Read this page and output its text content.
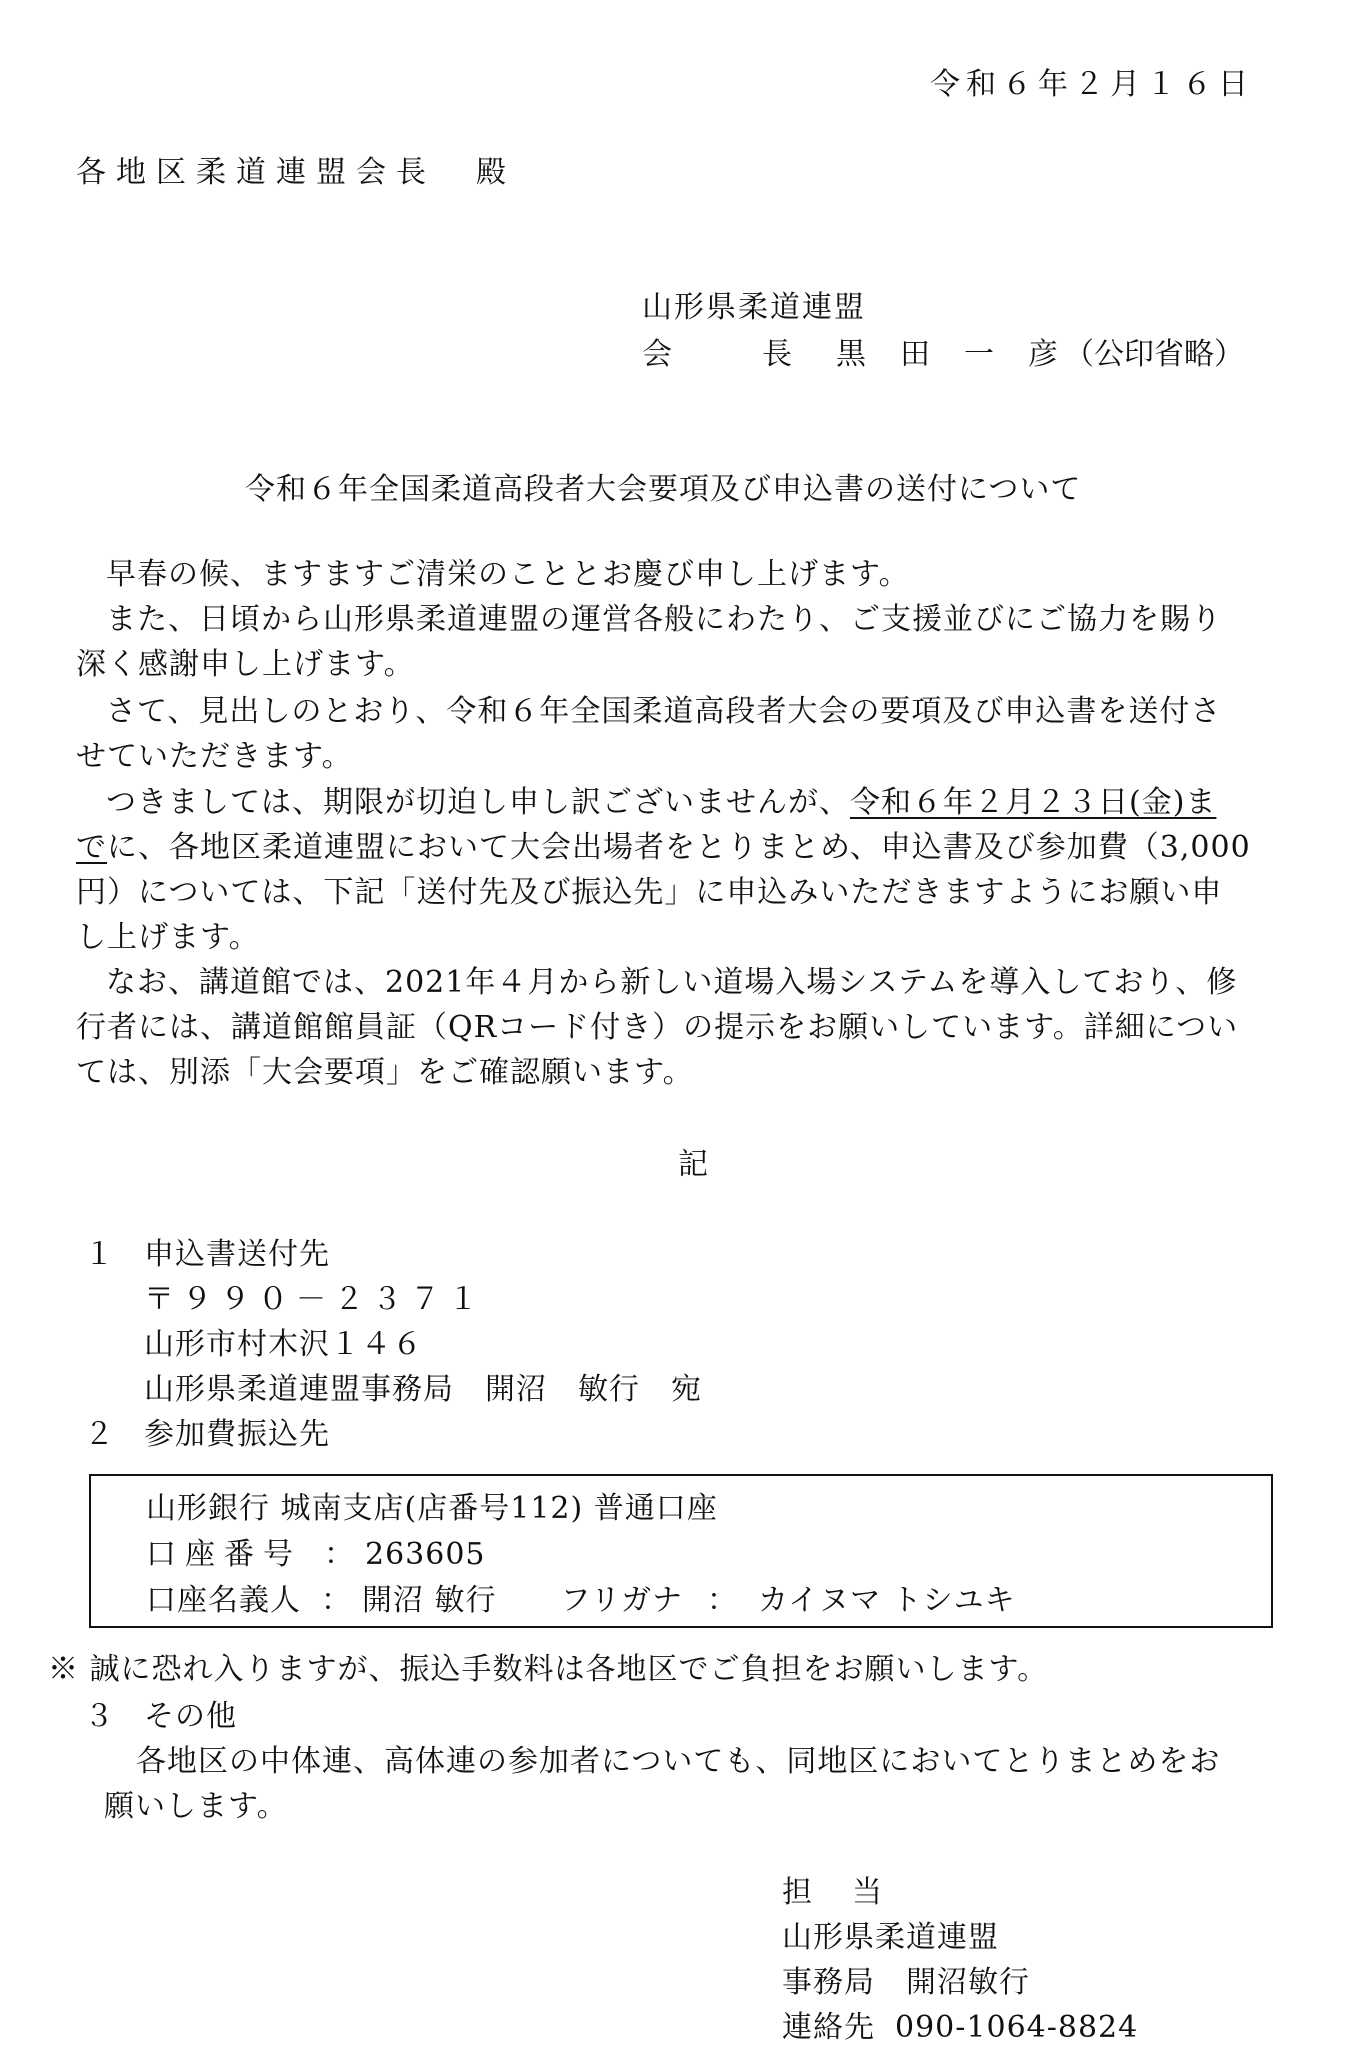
令和６年２月１６日
各地区柔道連盟会長　殿
山形県柔道連盟
会　長 黒田一彦（公印省略）
令和６年全国柔道高段者大会要項及び申込書の送付について
早春の候、ますますご清栄のこととお慶び申し上げます。
また、日頃から山形県柔道連盟の運営各般にわたり、ご支援並びにご協力を賜り
深く感謝申し上げます。
さて、見出しのとおり、令和６年全国柔道高段者大会の要項及び申込書を送付さ
せていただきます。
つきましては、期限が切迫し申し訳ございませんが、令和６年２月２３日(金)ま
でに、各地区柔道連盟において大会出場者をとりまとめ、申込書及び参加費（3,000
円）については、下記「送付先及び振込先」に申込みいただきますようにお願い申
し上げます。
なお、講道館では、2021年４月から新しい道場入場システムを導入しており、修
行者には、講道館館員証（QRコード付き）の提示をお願いしています。詳細につい
ては、別添「大会要項」をご確認願います。
記
１ 申込書送付先
〒９９０－２３７１
山形市村木沢１４６
山形県柔道連盟事務局　開沼　敏行　宛
２ 参加費振込先
山形銀行 城南支店(店番号112) 普通口座
口座番号 ： 263605
口座名義人 ： 開沼 敏行 フリガナ ： カイヌマ トシユキ
※ 誠に恐れ入りますが、振込手数料は各地区でご負担をお願いします。
３ その他
各地区の中体連、高体連の参加者についても、同地区においてとりまとめをお
願いします。
担当
山形県柔道連盟
事務局　開沼敏行
連絡先 090-1064-8824
